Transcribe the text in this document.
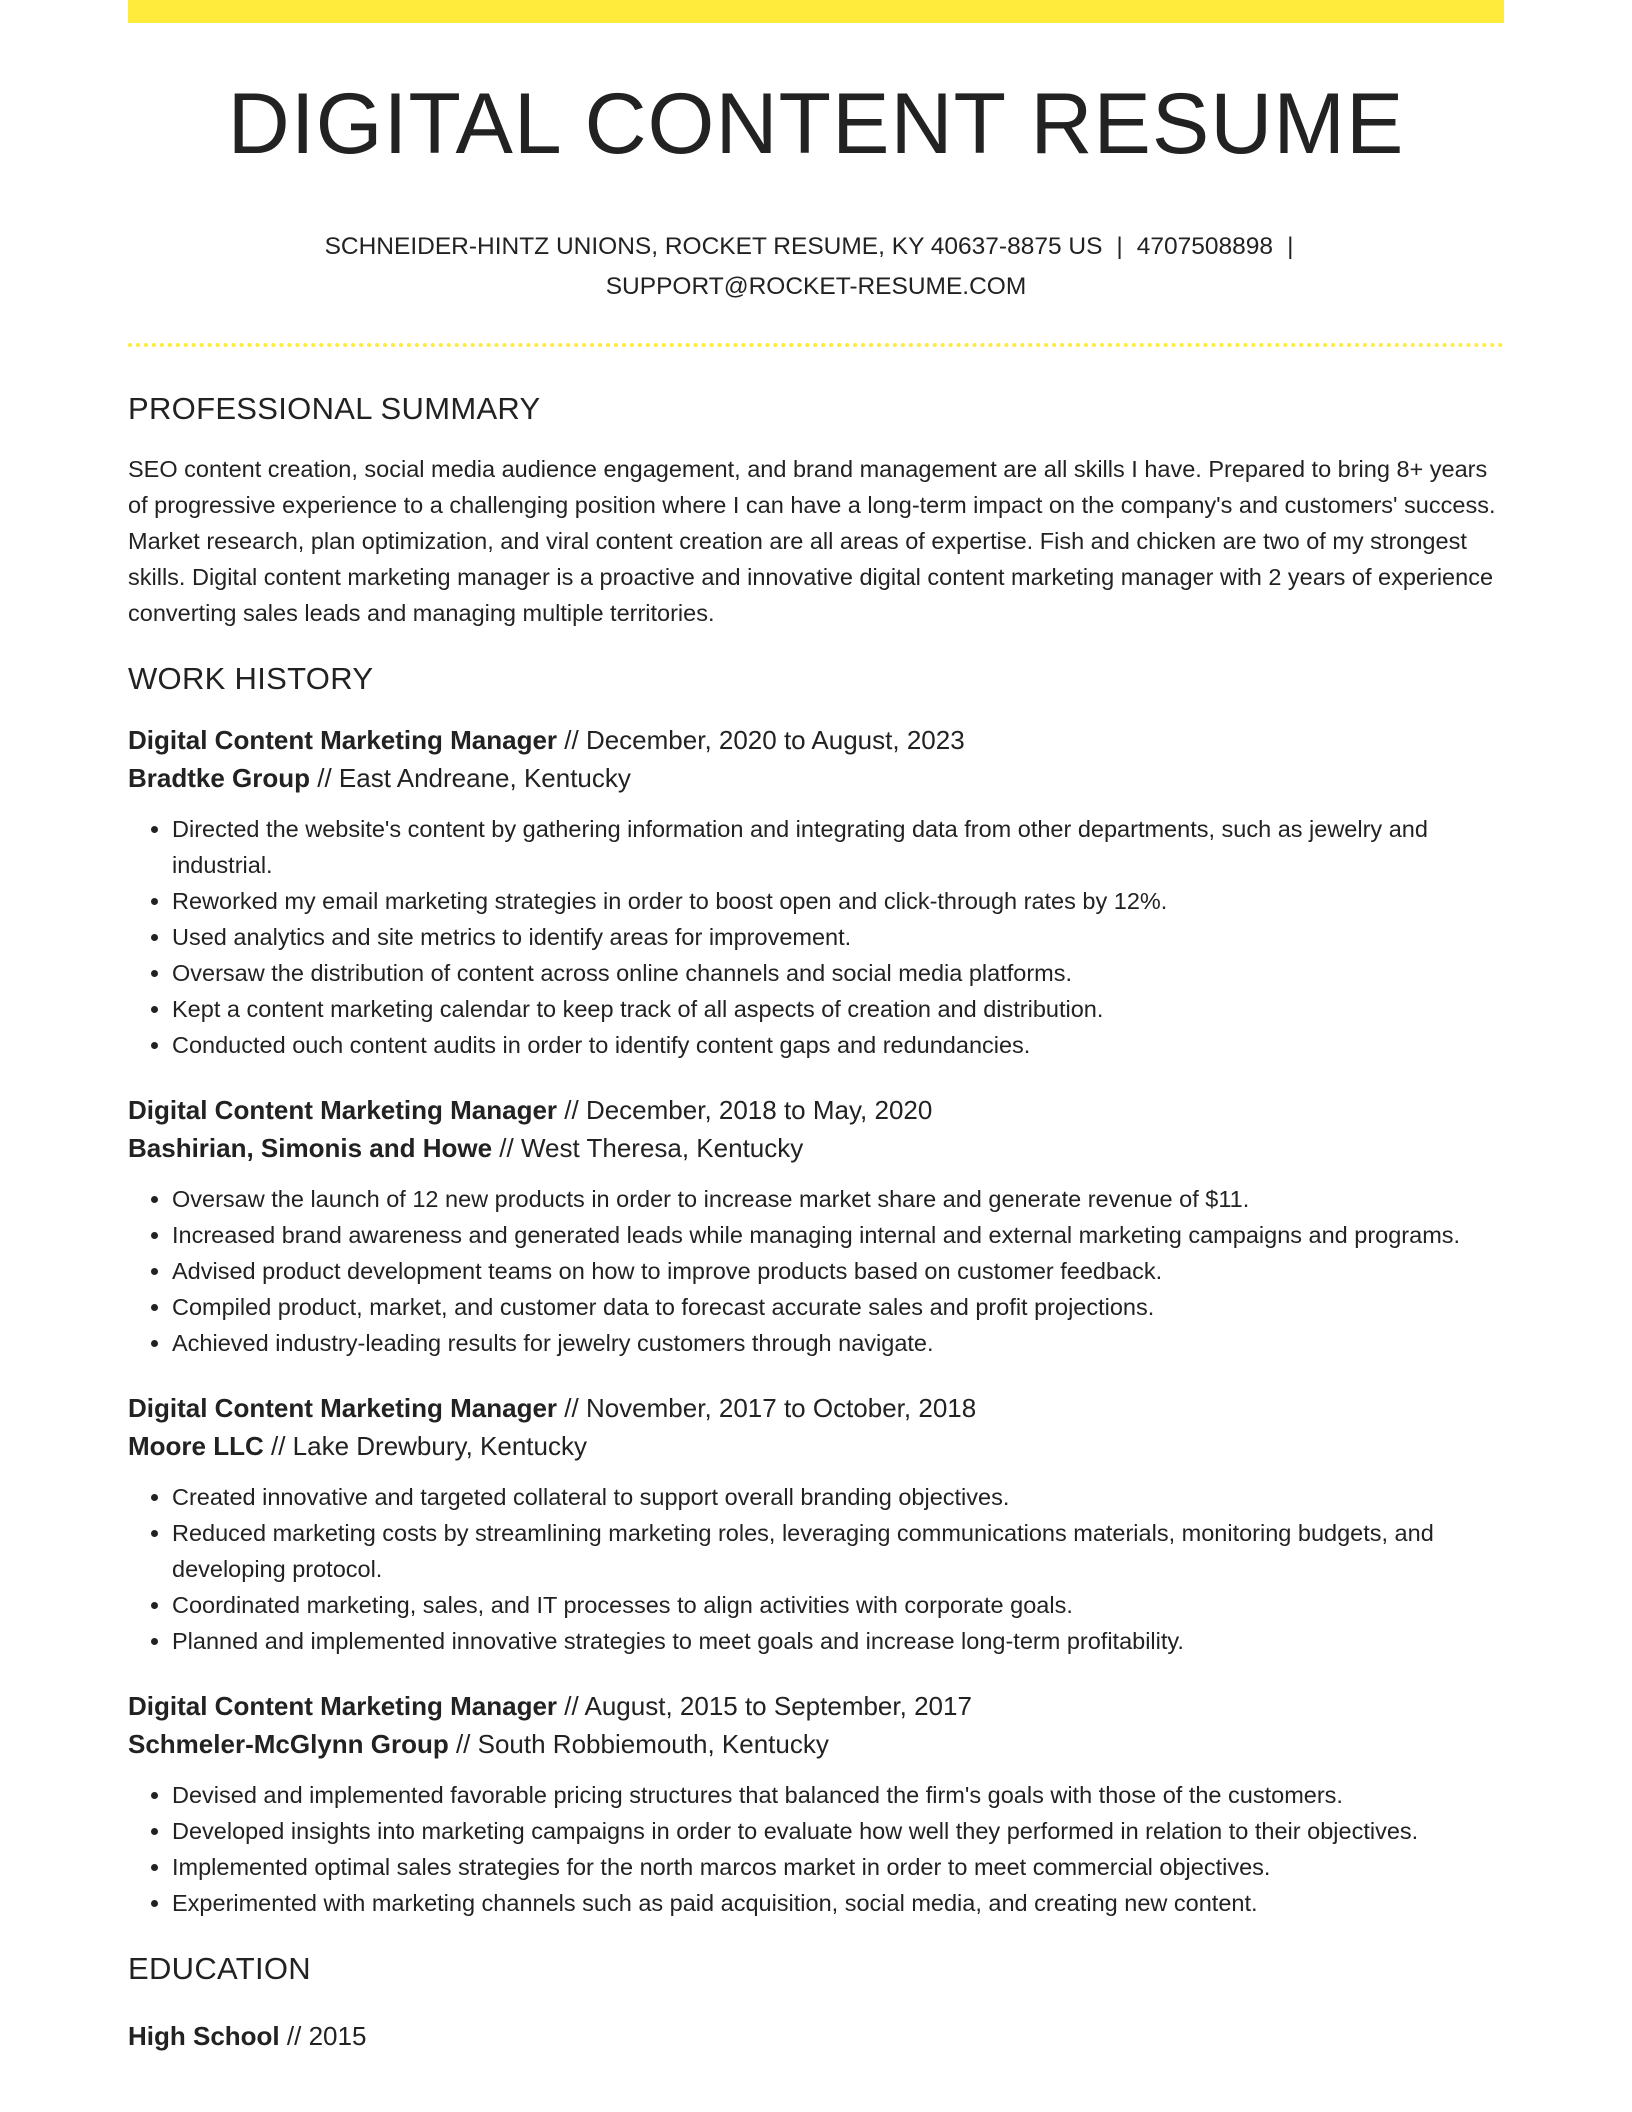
DIGITAL CONTENT RESUME
SCHNEIDER-HINTZ UNIONS, ROCKET RESUME, KY 40637-8875 US | 4707508898 |
SUPPORT@ROCKET-RESUME.COM
PROFESSIONAL SUMMARY

SEO content creation, social media audience engagement, and brand management are all skills I have. Prepared to bring 8+ years of progressive experience to a challenging position where I can have a long-term impact on the company's and customers' success. Market research, plan optimization, and viral content creation are all areas of expertise. Fish and chicken are two of my strongest skills. Digital content marketing manager is a proactive and innovative digital content marketing manager with 2 years of experience converting sales leads and managing multiple territories.

WORK HISTORY
Digital Content Marketing Manager // December, 2020 to August, 2023
Bradtke Group // East Andreane, Kentucky
• Directed the website's content by gathering information and integrating data from other departments, such as jewelry and industrial.
• Reworked my email marketing strategies in order to boost open and click-through rates by 12%.
• Used analytics and site metrics to identify areas for improvement.
• Oversaw the distribution of content across online channels and social media platforms.
• Kept a content marketing calendar to keep track of all aspects of creation and distribution.
• Conducted ouch content audits in order to identify content gaps and redundancies.
Digital Content Marketing Manager // December, 2018 to May, 2020
Bashirian, Simonis and Howe // West Theresa, Kentucky
• Oversaw the launch of 12 new products in order to increase market share and generate revenue of $11.
• Increased brand awareness and generated leads while managing internal and external marketing campaigns and programs.
• Advised product development teams on how to improve products based on customer feedback.
• Compiled product, market, and customer data to forecast accurate sales and profit projections.
• Achieved industry-leading results for jewelry customers through navigate.
Digital Content Marketing Manager // November, 2017 to October, 2018
Moore LLC // Lake Drewbury, Kentucky
• Created innovative and targeted collateral to support overall branding objectives.
• Reduced marketing costs by streamlining marketing roles, leveraging communications materials, monitoring budgets, and developing protocol.
• Coordinated marketing, sales, and IT processes to align activities with corporate goals.
• Planned and implemented innovative strategies to meet goals and increase long-term profitability.
Digital Content Marketing Manager // August, 2015 to September, 2017
Schmeler-McGlynn Group // South Robbiemouth, Kentucky
• Devised and implemented favorable pricing structures that balanced the firm's goals with those of the customers.
• Developed insights into marketing campaigns in order to evaluate how well they performed in relation to their objectives.
• Implemented optimal sales strategies for the north marcos market in order to meet commercial objectives.
• Experimented with marketing channels such as paid acquisition, social media, and creating new content.
EDUCATION
High School // 2015
